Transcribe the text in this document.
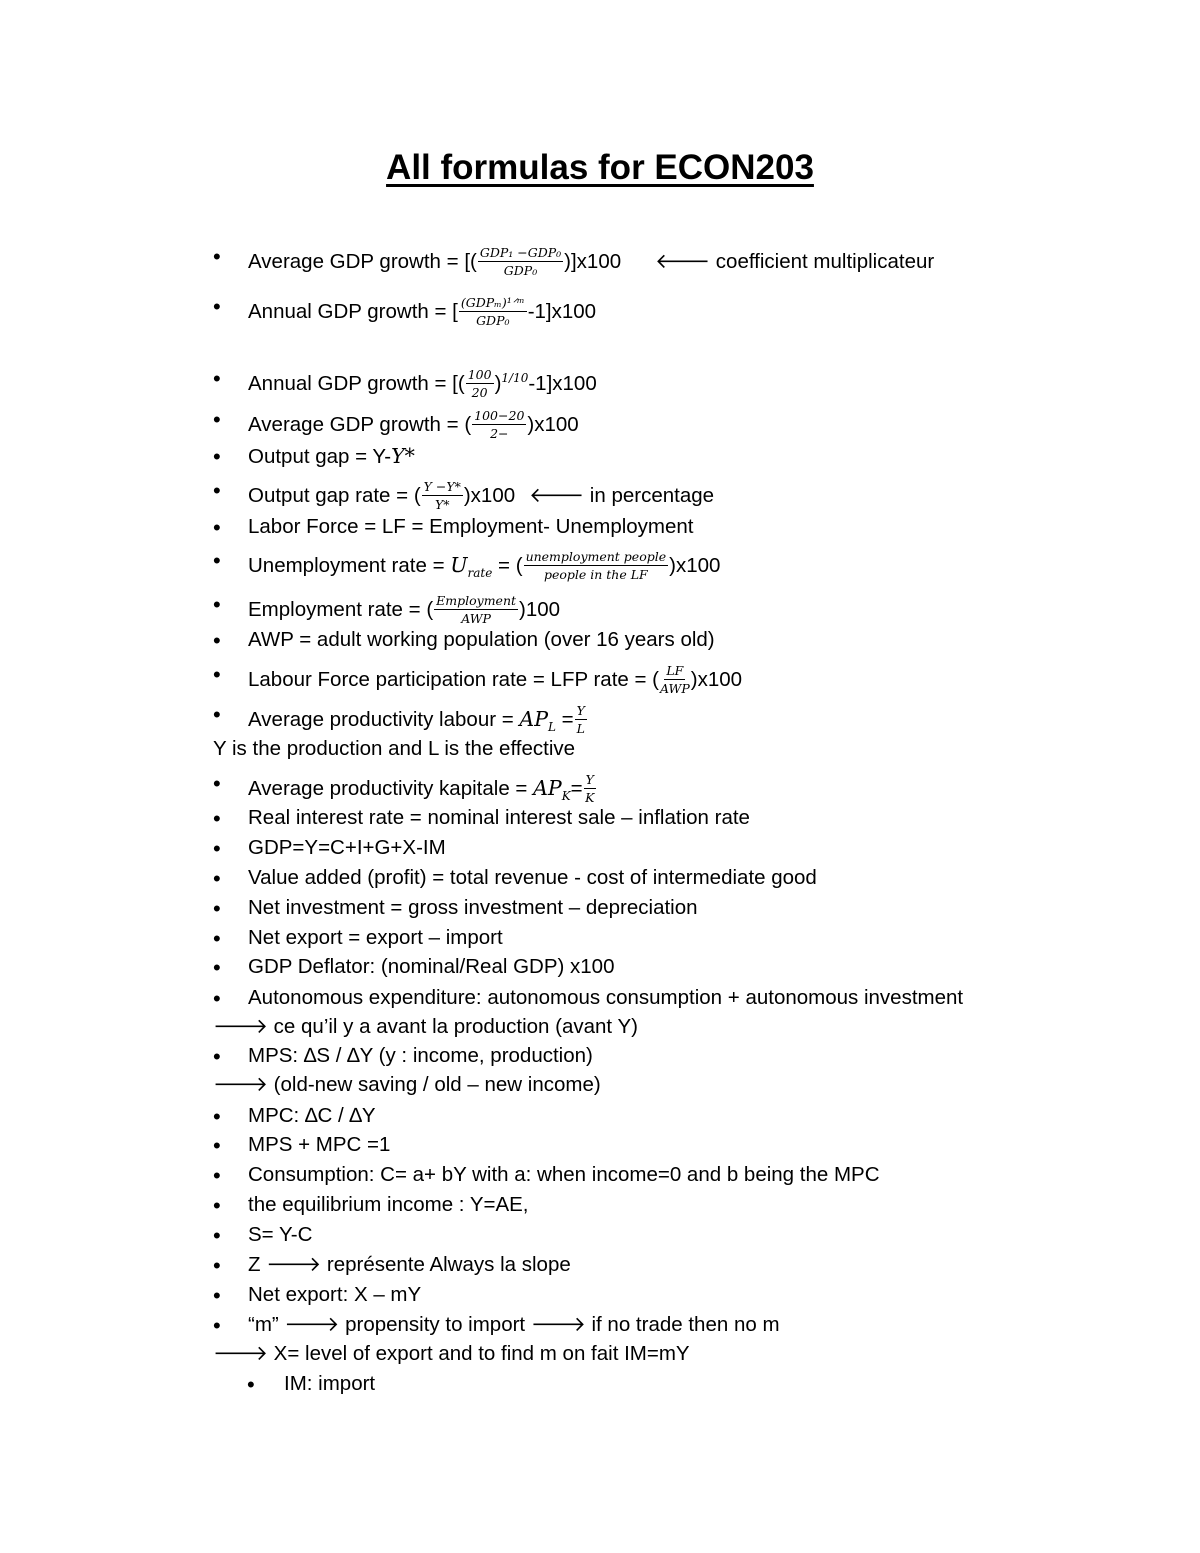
All formulas for ECON203
• Average GDP growth = [( $\frac{\text{GDP₁ −GDP₀}}{\text{GDP₀}} )]x100$ 🡐 coefficient multiplicateur
• Annual GDP growth = [ $\frac{\text{(GDPₘ)¹ᐟᵐ}}{\text{GDP₀}} -1]x100$
• Annual GDP growth = [( $\frac{100}{20} )^{1/10}-1]x100$
• Average GDP growth = ( $\frac{100-20}{2-} )x100$
• Output gap = Y-Y*
• Output gap rate = ( $\frac{Y -Y*}{Y*} )x100$ 🡐 in percentage
• Labor Force = LF = Employment- Unemployment
• Unemployment rate = $U_{rate}$ = ( $\frac{\text{unemployment people}}{\text{people in the LF}} )x100$
• Employment rate = ( $\frac{\text{Employment}}{\text{AWP}} )100$
• AWP = adult working population (over 16 years old)
• Labour Force participation rate = LFP rate = ( $\frac{LF}{\text{AWP}} )x100$
• Average productivity labour = $AP_L = \frac{Y}{L}$
Y is the production and L is the effective
• Average productivity kapitale = $AP_K= \frac{Y}{K}$
• Real interest rate = nominal interest sale – inflation rate
• GDP=Y=C+I+G+X-IM
• Value added (profit) = total revenue - cost of intermediate good
• Net investment = gross investment – depreciation
• Net export = export – import
• GDP Deflator: (nominal/Real GDP) x100
• Autonomous expenditure: autonomous consumption + autonomous investment
🡒 ce qu’il y a avant la production (avant Y)
• MPS: ∆S / ∆Y (y : income, production)
🡒 (old-new saving / old – new income)
• MPC: ∆C / ∆Y
• MPS + MPC =1
• Consumption: C= a+ bY with a: when income=0 and b being the MPC
• the equilibrium income : Y=AE,
• S= Y-C
• Z 🡒 représente Always la slope
• Net export: X – mY
• “m” 🡒 propensity to import 🡒 if no trade then no m
🡒 X= level of export and to find m on fait IM=mY
• IM: import
